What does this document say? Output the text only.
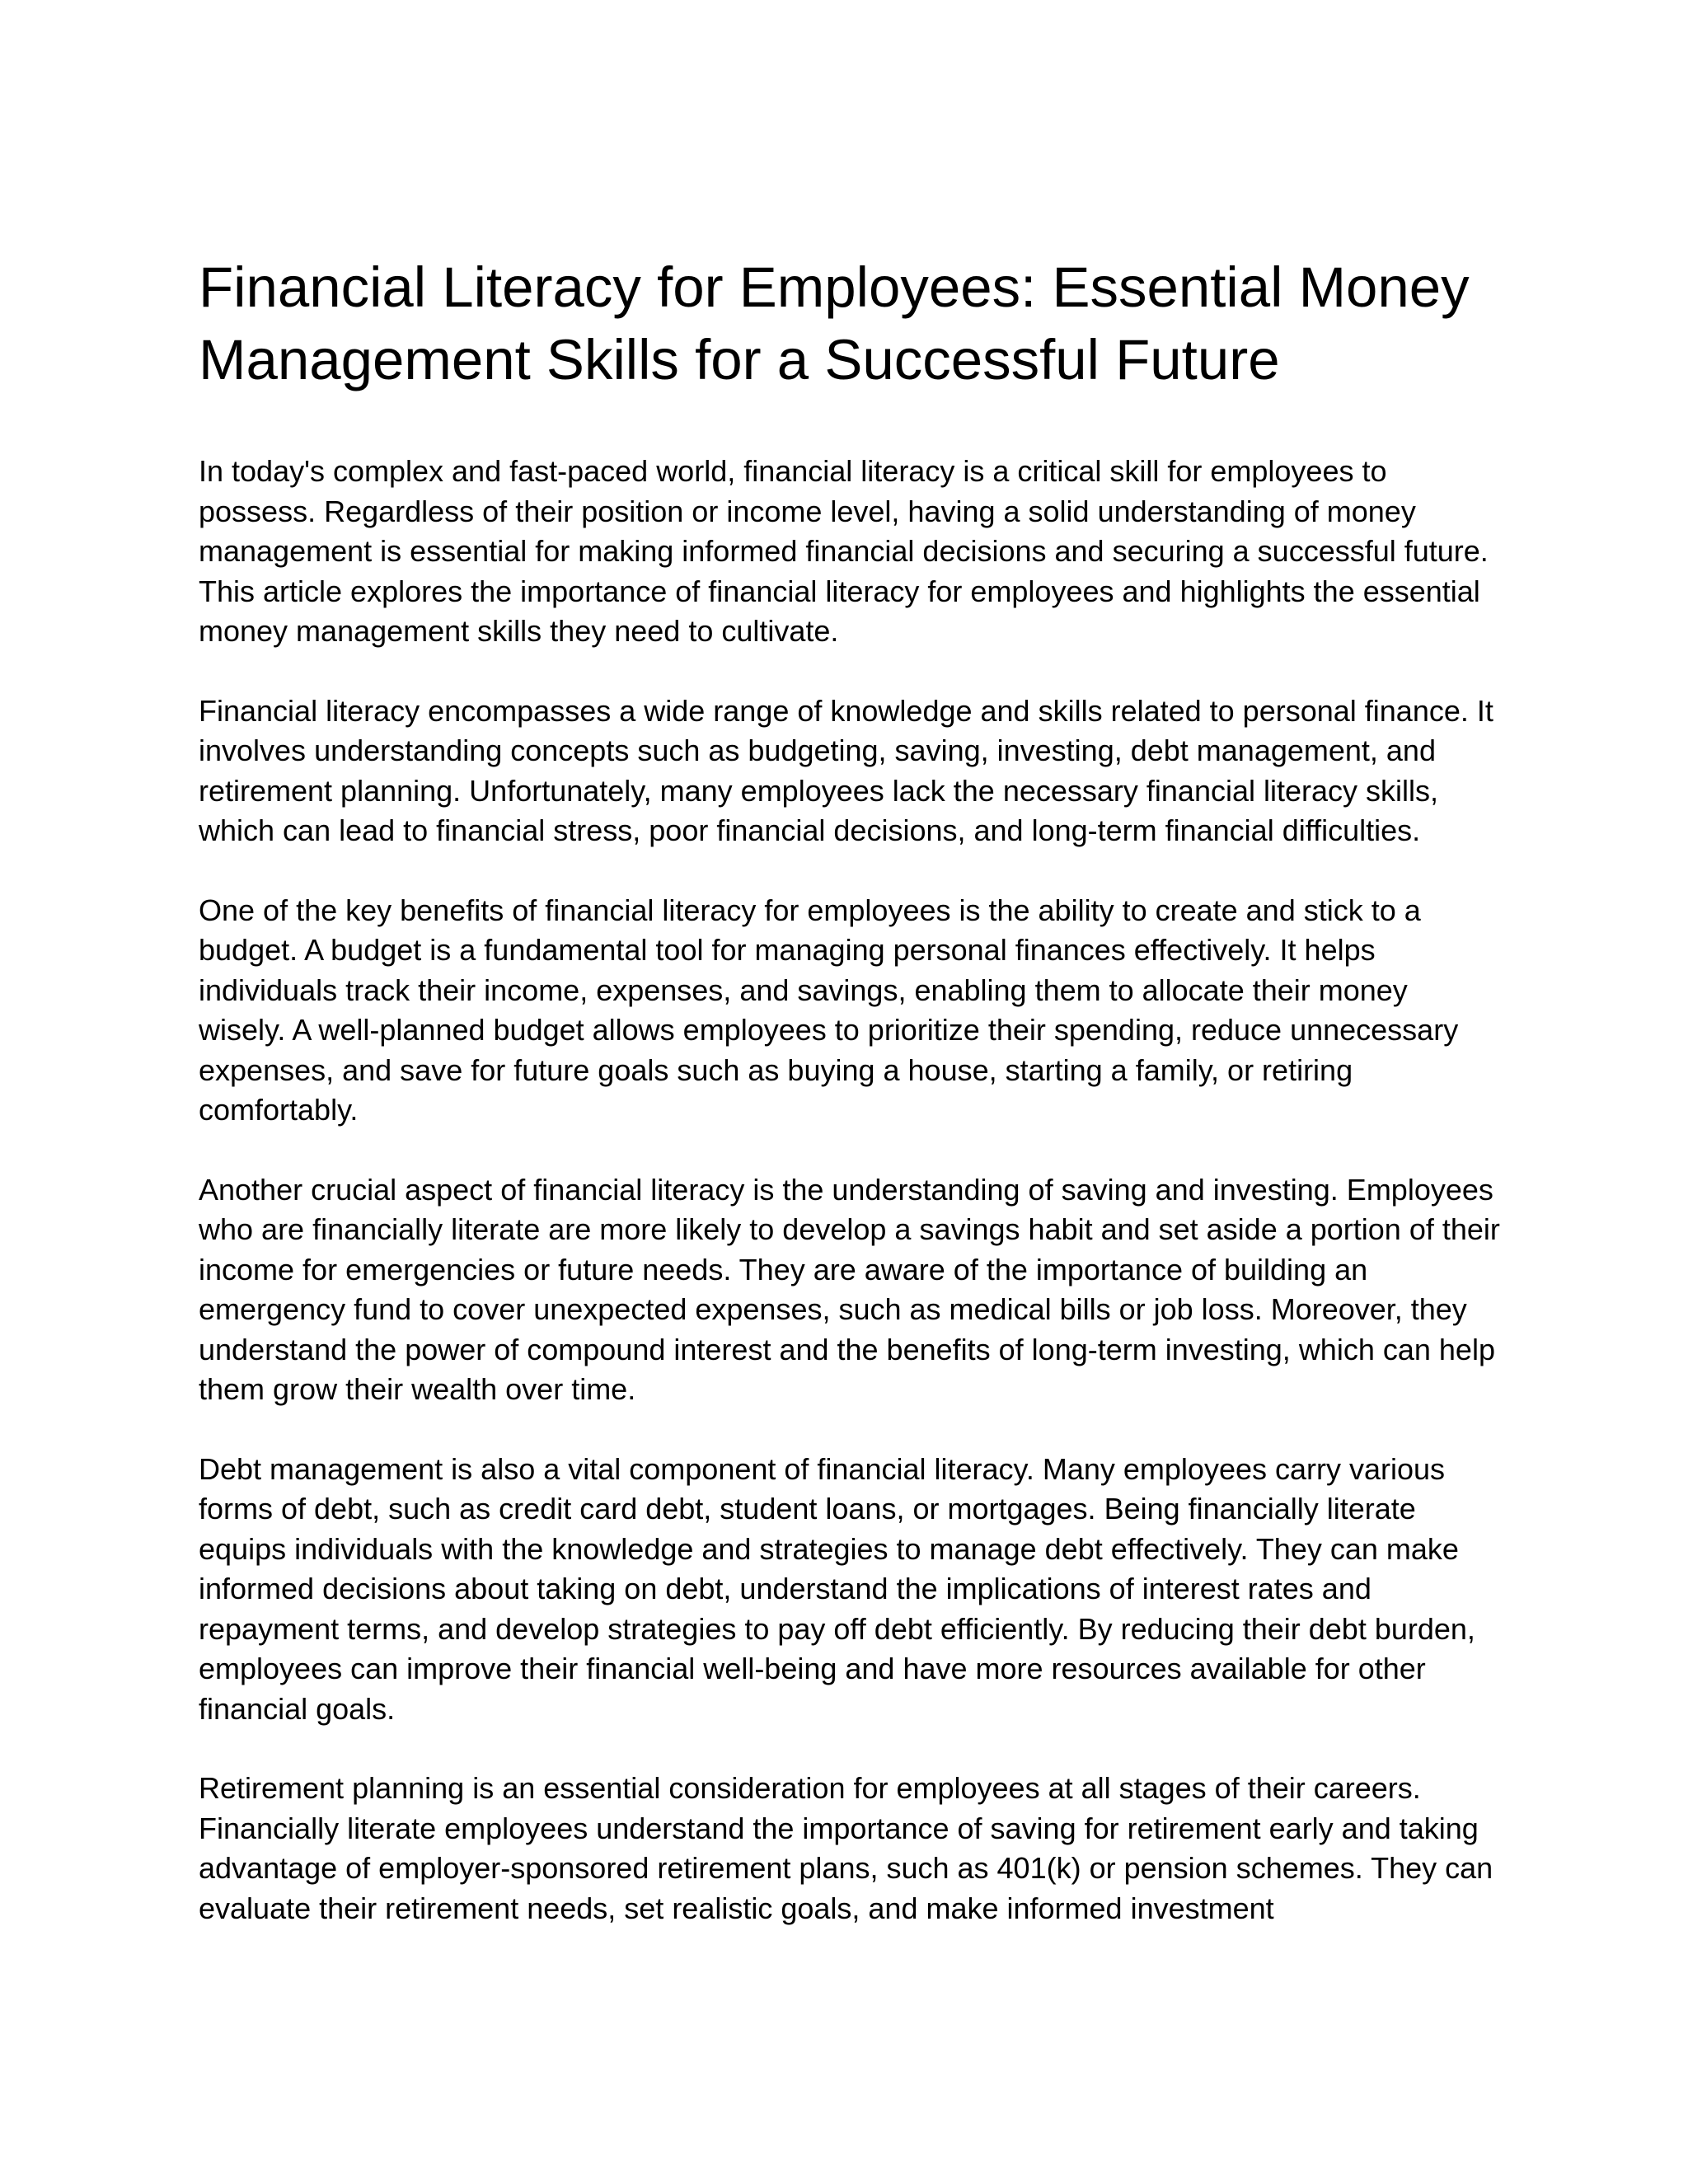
Financial Literacy for Employees: Essential Money Management Skills for a Successful Future

In today's complex and fast-paced world, financial literacy is a critical skill for employees to possess. Regardless of their position or income level, having a solid understanding of money management is essential for making informed financial decisions and securing a successful future. This article explores the importance of financial literacy for employees and highlights the essential money management skills they need to cultivate.

Financial literacy encompasses a wide range of knowledge and skills related to personal finance. It involves understanding concepts such as budgeting, saving, investing, debt management, and retirement planning. Unfortunately, many employees lack the necessary financial literacy skills, which can lead to financial stress, poor financial decisions, and long-term financial difficulties.

One of the key benefits of financial literacy for employees is the ability to create and stick to a budget. A budget is a fundamental tool for managing personal finances effectively. It helps individuals track their income, expenses, and savings, enabling them to allocate their money wisely. A well-planned budget allows employees to prioritize their spending, reduce unnecessary expenses, and save for future goals such as buying a house, starting a family, or retiring comfortably.

Another crucial aspect of financial literacy is the understanding of saving and investing. Employees who are financially literate are more likely to develop a savings habit and set aside a portion of their income for emergencies or future needs. They are aware of the importance of building an emergency fund to cover unexpected expenses, such as medical bills or job loss. Moreover, they understand the power of compound interest and the benefits of long-term investing, which can help them grow their wealth over time.

Debt management is also a vital component of financial literacy. Many employees carry various forms of debt, such as credit card debt, student loans, or mortgages. Being financially literate equips individuals with the knowledge and strategies to manage debt effectively. They can make informed decisions about taking on debt, understand the implications of interest rates and repayment terms, and develop strategies to pay off debt efficiently. By reducing their debt burden, employees can improve their financial well-being and have more resources available for other financial goals.

Retirement planning is an essential consideration for employees at all stages of their careers. Financially literate employees understand the importance of saving for retirement early and taking advantage of employer-sponsored retirement plans, such as 401(k) or pension schemes. They can evaluate their retirement needs, set realistic goals, and make informed investment
